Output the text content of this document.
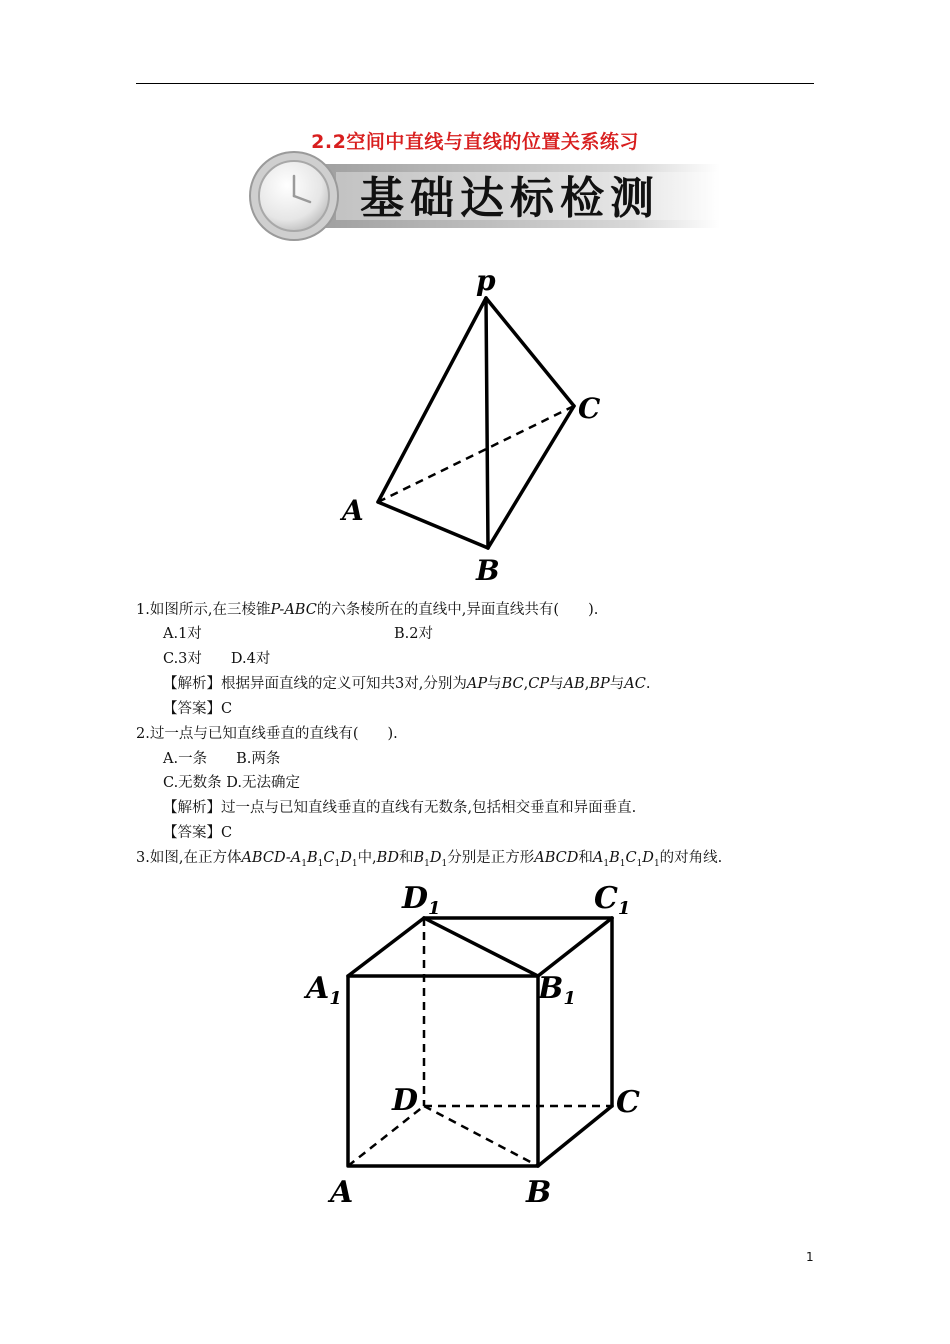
2.2空间中直线与直线的位置关系练习
基础达标检测
p
C
A
B
1.如图所示,在三棱锥P-ABC的六条棱所在的直线中,异面直线共有(　　).
A.1对	B.2对
C.3对　　D.4对
【解析】根据异面直线的定义可知共3对,分别为AP与BC,CP与AB,BP与AC.
【答案】C
2.过一点与已知直线垂直的直线有(　　).
A.一条　　B.两条
C.无数条 D.无法确定
【解析】过一点与已知直线垂直的直线有无数条,包括相交垂直和异面垂直.
【答案】C
3.如图,在正方体ABCD-$A_1B_1C_1D_1$中,BD和$B_1D_1$分别是正方形ABCD和$A_1B_1C_1D_1$的对角线.
$D_1$	$C_1$
$A_1$	$B_1$
D	C
A	B
1
